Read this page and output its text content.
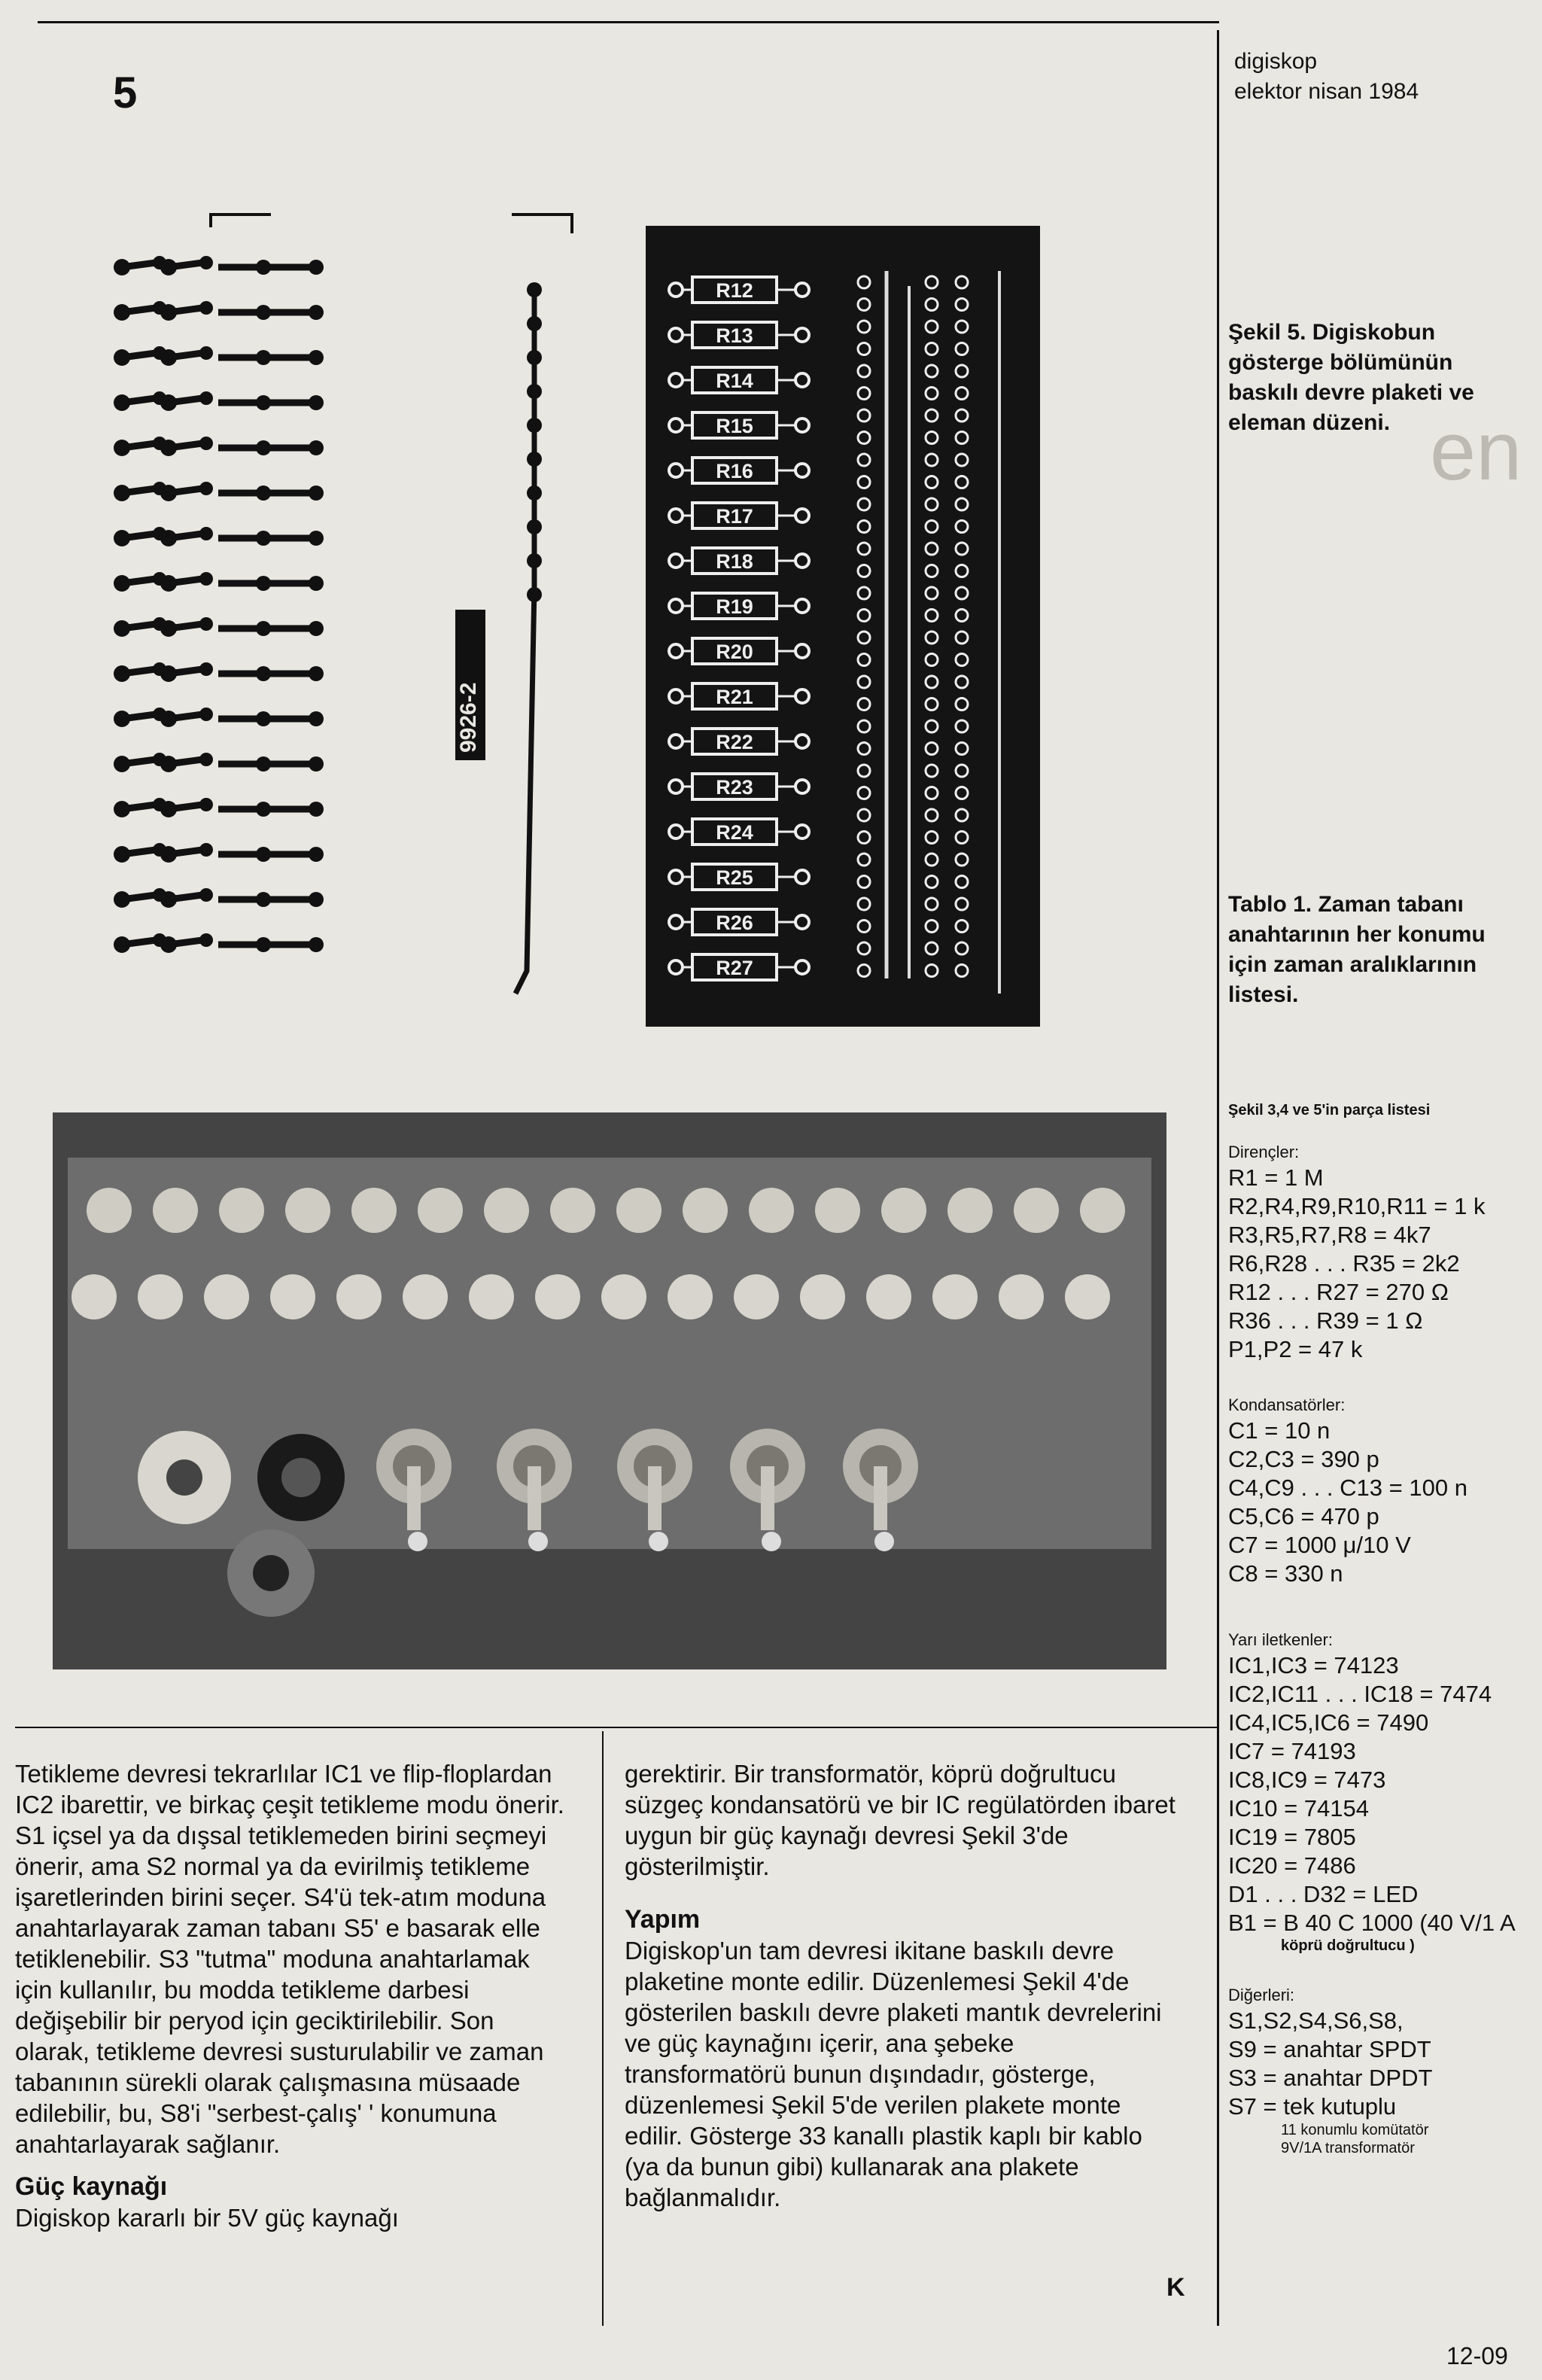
en
digiskop
elektor nisan 1984
5
9926-2
R12
R13
R14
R15
R16
R17
R18
R19
R20
R21
R22
R23
R24
R25
R26
R27
Şekil 5. Digiskobun gösterge bölümünün baskılı devre plaketi ve eleman düzeni.
Tablo 1. Zaman tabanı anahtarının her konumu için zaman aralıklarının listesi.
Şekil 3,4 ve 5'in parça listesi
Dirençler:
R1 = 1 M
R2,R4,R9,R10,R11 = 1 k
R3,R5,R7,R8 = 4k7
R6,R28 . . . R35 = 2k2
R12 . . . R27 = 270 Ω
R36 . . . R39 = 1 Ω
P1,P2 = 47 k
Kondansatörler:
C1 = 10 n
C2,C3 = 390 p
C4,C9 . . . C13 = 100 n
C5,C6 = 470 p
C7 = 1000 μ/10 V
C8 = 330 n
Yarı iletkenler:
IC1,IC3 = 74123
IC2,IC11 . . . IC18 = 7474
IC4,IC5,IC6 = 7490
IC7 = 74193
IC8,IC9 = 7473
IC10 = 74154
IC19 = 7805
IC20 = 7486
D1 . . . D32 = LED
B1 = B 40 C 1000 (40 V/1 A
köprü doğrultucu )
Diğerleri:
S1,S2,S4,S6,S8,
S9 = anahtar SPDT
S3 = anahtar DPDT
S7 = tek kutuplu
11 konumlu komütatör
9V/1A transformatör

Tetikleme devresi tekrarlılar IC1 ve flip-floplardan IC2 ibarettir, ve birkaç çeşit tetikleme modu önerir. S1 içsel ya da dışsal tetiklemeden birini seçmeyi önerir, ama S2 normal ya da evirilmiş tetikleme işaretlerinden birini seçer. S4'ü tek-atım moduna anahtarlayarak zaman tabanı S5' e basarak elle tetiklenebilir. S3 "tutma" moduna anahtarlamak için kullanılır, bu modda tetikleme darbesi değişebilir bir peryod için geciktirilebilir. Son olarak, tetikleme devresi susturulabilir ve zaman tabanının sürekli olarak çalışmasına müsaade edilebilir, bu, S8'i "serbest-çalış' ' konumuna anahtarlayarak sağlanır.

Güç kaynağı

Digiskop kararlı bir 5V güç kaynağı

gerektirir. Bir transformatör, köprü doğrultucu süzgeç kondansatörü ve bir IC regülatörden ibaret uygun bir güç kaynağı devresi Şekil 3'de gösterilmiştir.

Yapım

Digiskop'un tam devresi ikitane baskılı devre plaketine monte edilir. Düzenlemesi Şekil 4'de gösterilen baskılı devre plaketi mantık devrelerini ve güç kaynağını içerir, ana şebeke transformatörü bunun dışındadır, gösterge, düzenlemesi Şekil 5'de verilen plakete monte edilir. Gösterge 33 kanallı plastik kaplı bir kablo (ya da bunun gibi) kullanarak ana plakete bağlanmalıdır.

K
12-09
